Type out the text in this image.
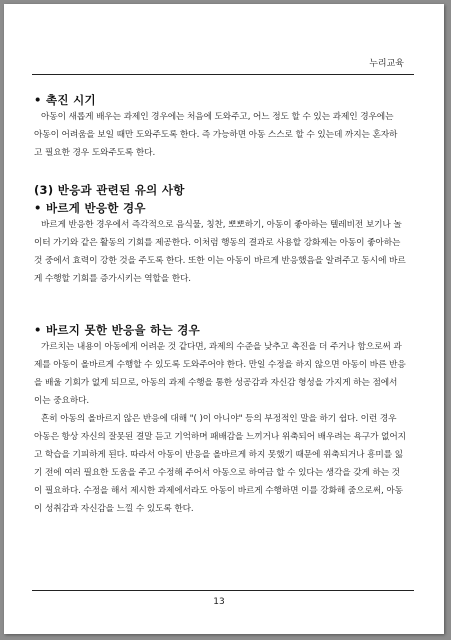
누리교육
• 촉진 시기

아동이 새롭게 배우는 과제인 경우에는 처음에 도와주고, 어느 정도 할 수 있는 과제인 경우에는 아동이 어려움을 보일 때만 도와주도록 한다. 즉 가능하면 아동 스스로 할 수 있는데 까지는 혼자하고 필요한 경우 도와주도록 한다.

(3) 반응과 관련된 유의 사항
• 바르게 반응한 경우

바르게 반응한 경우에서 즉각적으로 음식물, 칭찬, 뽀뽀하기, 아동이 좋아하는 텔레비전 보기나 놀이터 가기와 같은 활동의 기회를 제공한다. 이처럼 행동의 결과로 사용할 강화제는 아동이 좋아하는 것 중에서 효력이 강한 것을 주도록 한다. 또한 이는 아동이 바르게 반응했음을 알려주고 동시에 바르게 수행할 기회를 증가시키는 역할을 한다.

• 바르지 못한 반응을 하는 경우

가르치는 내용이 아동에게 어려운 것 같다면, 과제의 수준을 낮추고 촉진을 더 주거나 함으로써 과제를 아동이 올바르게 수행할 수 있도록 도와주어야 한다. 만일 수정을 하지 않으면 아동이 바른 반응을 배울 기회가 없게 되므로, 아동의 과제 수행을 통한 성공감과 자신감 형성을 가지게 하는 점에서 이는 중요하다.

흔히 아동의 올바르지 않은 반응에 대해 "( )이 아니야" 등의 부정적인 말을 하기 쉽다. 이런 경우 아동은 항상 자신의 잘못된 결말 듣고 기억하며 패배감을 느끼거나 위축되어 배우려는 욕구가 없어지고 학습을 기피하게 된다. 따라서 아동이 반응을 올바르게 하지 못했기 때문에 위축되거나 흥미를 잃기 전에 여러 필요한 도움을 주고 수정해 주어서 아동으로 하여금 할 수 있다는 생각을 갖게 하는 것이 필요하다. 수정을 해서 제시한 과제에서라도 아동이 바르게 수행하면 이를 강화해 줌으로써, 아동이 성취감과 자신감을 느낄 수 있도록 한다.

13
